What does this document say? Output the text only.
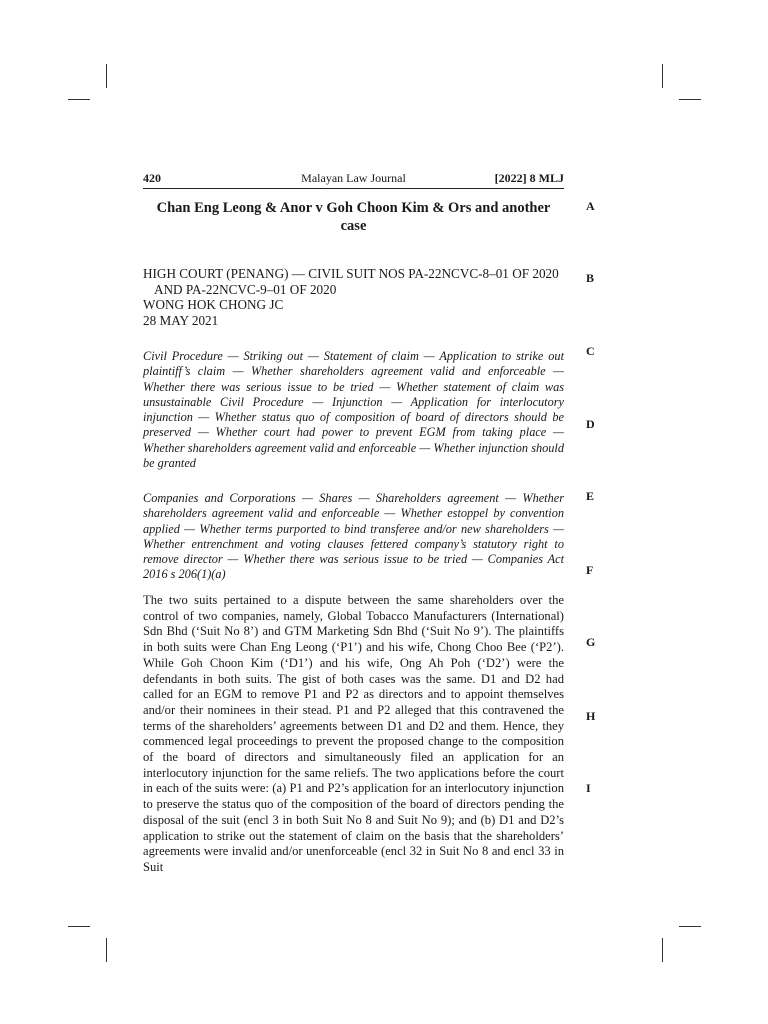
420	Malayan Law Journal	[2022] 8 MLJ
A
B
C
D
E
F
G
H
I
Chan Eng Leong & Anor v Goh Choon Kim & Ors and another case
HIGH COURT (PENANG) — CIVIL SUIT NOS PA-22NCVC-8–01 OF 2020 AND PA-22NCVC-9–01 OF 2020
WONG HOK CHONG JC
28 MAY 2021
Civil Procedure — Striking out — Statement of claim — Application to strike out plaintiff’s claim — Whether shareholders agreement valid and enforceable — Whether there was serious issue to be tried — Whether statement of claim was unsustainable Civil Procedure — Injunction — Application for interlocutory injunction — Whether status quo of composition of board of directors should be preserved — Whether court had power to prevent EGM from taking place — Whether shareholders agreement valid and enforceable — Whether injunction should be granted
Companies and Corporations — Shares — Shareholders agreement — Whether shareholders agreement valid and enforceable — Whether estoppel by convention applied — Whether terms purported to bind transferee and/or new shareholders — Whether entrenchment and voting clauses fettered company’s statutory right to remove director — Whether there was serious issue to be tried — Companies Act 2016 s 206(1)(a)
The two suits pertained to a dispute between the same shareholders over the control of two companies, namely, Global Tobacco Manufacturers (International) Sdn Bhd (‘Suit No 8’) and GTM Marketing Sdn Bhd (‘Suit No 9’). The plaintiffs in both suits were Chan Eng Leong (‘P1’) and his wife, Chong Choo Bee (‘P2’). While Goh Choon Kim (‘D1’) and his wife, Ong Ah Poh (‘D2’) were the defendants in both suits. The gist of both cases was the same. D1 and D2 had called for an EGM to remove P1 and P2 as directors and to appoint themselves and/or their nominees in their stead. P1 and P2 alleged that this contravened the terms of the shareholders’ agreements between D1 and D2 and them. Hence, they commenced legal proceedings to prevent the proposed change to the composition of the board of directors and simultaneously filed an application for an interlocutory injunction for the same reliefs. The two applications before the court in each of the suits were: (a) P1 and P2’s application for an interlocutory injunction to preserve the status quo of the composition of the board of directors pending the disposal of the suit (encl 3 in both Suit No 8 and Suit No 9); and (b) D1 and D2’s application to strike out the statement of claim on the basis that the shareholders’ agreements were invalid and/or unenforceable (encl 32 in Suit No 8 and encl 33 in Suit
